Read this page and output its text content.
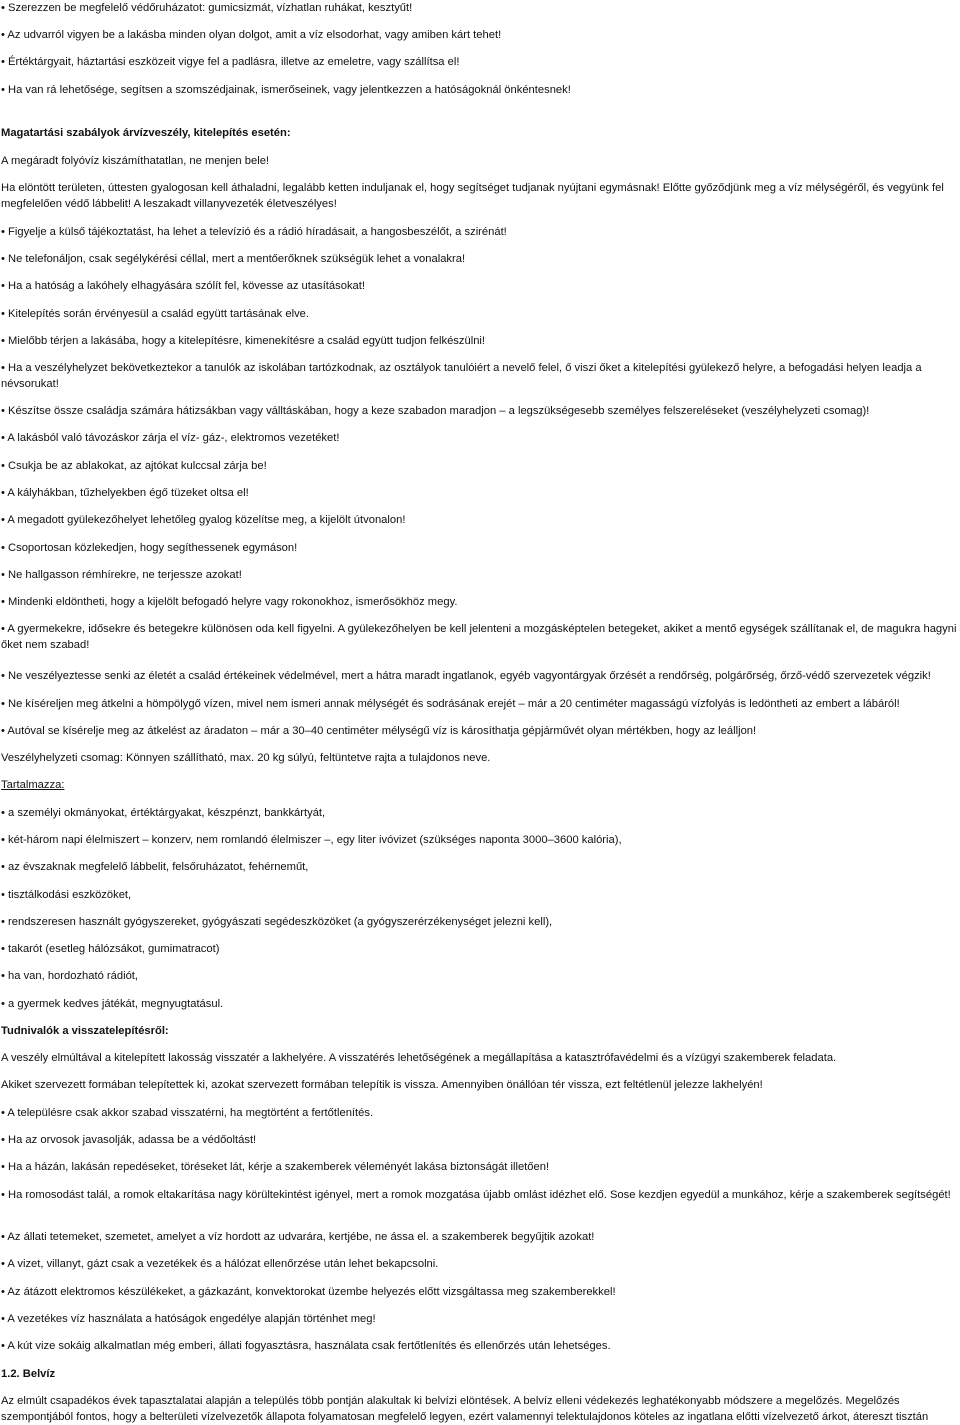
• Szerezzen be megfelelő védőruházatot: gumicsizmát, vízhatlan ruhákat, kesztyűt!

• Az udvarról vigyen be a lakásba minden olyan dolgot, amit a víz elsodorhat, vagy amiben kárt tehet!

• Értéktárgyait, háztartási eszközeit vigye fel a padlásra, illetve az emeletre, vagy szállítsa el!

• Ha van rá lehetősége, segítsen a szomszédjainak, ismerőseinek, vagy jelentkezzen a hatóságoknál önkéntesnek!

Magatartási szabályok árvízveszély, kitelepítés esetén:

A megáradt folyóvíz kiszámíthatatlan, ne menjen bele!

Ha elöntött területen, úttesten gyalogosan kell áthaladni, legalább ketten induljanak el, hogy segítséget tudjanak nyújtani egymásnak! Előtte győződjünk meg a víz mélységéről, és vegyünk fel megfelelően védő lábbelit! A leszakadt villanyvezeték életveszélyes!

• Figyelje a külső tájékoztatást, ha lehet a televízió és a rádió híradásait, a hangosbeszélőt, a szirénát!

• Ne telefonáljon, csak segélykérési céllal, mert a mentőerőknek szükségük lehet a vonalakra!

• Ha a hatóság a lakóhely elhagyására szólít fel, kövesse az utasításokat!

• Kitelepítés során érvényesül a család együtt tartásának elve.

• Mielőbb térjen a lakásába, hogy a kitelepítésre, kimenekítésre a család együtt tudjon felkészülni!

• Ha a veszélyhelyzet bekövetkeztekor a tanulók az iskolában tartózkodnak, az osztályok tanulóiért a nevelő felel, ő viszi őket a kitelepítési gyülekező helyre, a befogadási helyen leadja a névsorukat!

• Készítse össze családja számára hátizsákban vagy válltáskában, hogy a keze szabadon maradjon – a legszükségesebb személyes felszereléseket (veszélyhelyzeti csomag)!

• A lakásból való távozáskor zárja el víz- gáz-, elektromos vezetéket!

• Csukja be az ablakokat, az ajtókat kulccsal zárja be!

• A kályhákban, tűzhelyekben égő tüzeket oltsa el!

• A megadott gyülekezőhelyet lehetőleg gyalog közelítse meg, a kijelölt útvonalon!

• Csoportosan közlekedjen, hogy segíthessenek egymáson!

• Ne hallgasson rémhírekre, ne terjessze azokat!

• Mindenki eldöntheti, hogy a kijelölt befogadó helyre vagy rokonokhoz, ismerősökhöz megy.

• A gyermekekre, idősekre és betegekre különösen oda kell figyelni. A gyülekezőhelyen be kell jelenteni a mozgásképtelen betegeket, akiket a mentő egységek szállítanak el, de magukra hagyni őket nem szabad!

• Ne veszélyeztesse senki az életét a család értékeinek védelmével, mert a hátra maradt ingatlanok, egyéb vagyontárgyak őrzését a rendőrség, polgárőrség, őrző-védő szervezetek végzik!

• Ne kíséreljen meg átkelni a hömpölygő vízen, mivel nem ismeri annak mélységét és sodrásának erejét – már a 20 centiméter magasságú vízfolyás is ledöntheti az embert a lábáról!

• Autóval se kísérelje meg az átkelést az áradaton – már a 30–40 centiméter mélységű víz is károsíthatja gépjárművét olyan mértékben, hogy az leálljon!

Veszélyhelyzeti csomag: Könnyen szállítható, max. 20 kg súlyú, feltüntetve rajta a tulajdonos neve.

Tartalmazza:

• a személyi okmányokat, értéktárgyakat, készpénzt, bankkártyát,

• két-három napi élelmiszert – konzerv, nem romlandó élelmiszer –, egy liter ivóvizet (szükséges naponta 3000–3600 kalória),

• az évszaknak megfelelő lábbelit, felsőruházatot, fehérneműt,

• tisztálkodási eszközöket,

• rendszeresen használt gyógyszereket, gyógyászati segédeszközöket (a gyógyszerérzékenységet jelezni kell),

• takarót (esetleg hálózsákot, gumimatracot)

• ha van, hordozható rádiót,

• a gyermek kedves játékát, megnyugtatásul.

Tudnivalók a visszatelepítésről:

A veszély elmúltával a kitelepített lakosság visszatér a lakhelyére. A visszatérés lehetőségének a megállapítása a katasztrófavédelmi és a vízügyi szakemberek feladata.

Akiket szervezett formában telepítettek ki, azokat szervezett formában telepítik is vissza. Amennyiben önállóan tér vissza, ezt feltétlenül jelezze lakhelyén!

• A településre csak akkor szabad visszatérni, ha megtörtént a fertőtlenítés.

• Ha az orvosok javasolják, adassa be a védőoltást!

• Ha a házán, lakásán repedéseket, töréseket lát, kérje a szakemberek véleményét lakása biztonságát illetően!

• Ha romosodást talál, a romok eltakarítása nagy körültekintést igényel, mert a romok mozgatása újabb omlást idézhet elő. Sose kezdjen egyedül a munkához, kérje a szakemberek segítségét!

• Az állati tetemeket, szemetet, amelyet a víz hordott az udvarára, kertjébe, ne ássa el. a szakemberek begyűjtik azokat!

• A vizet, villanyt, gázt csak a vezetékek és a hálózat ellenőrzése után lehet bekapcsolni.

• Az átázott elektromos készülékeket, a gázkazánt, konvektorokat üzembe helyezés előtt vizsgáltassa meg szakemberekkel!

• A vezetékes víz használata a hatóságok engedélye alapján történhet meg!

• A kút vize sokáig alkalmatlan még emberi, állati fogyasztásra, használata csak fertőtlenítés és ellenőrzés után lehetséges.

1.2. Belvíz

Az elmúlt csapadékos évek tapasztalatai alapján a település több pontján alakultak ki belvízi elöntések. A belvíz elleni védekezés leghatékonyabb módszere a megelőzés. Megelőzés szempontjából fontos, hogy a belterületi vízelvezetők állapota folyamatosan megfelelő legyen, ezért valamennyi telektulajdonos köteles az ingatlana előtti vízelvezető árkot, átereszt tisztán
